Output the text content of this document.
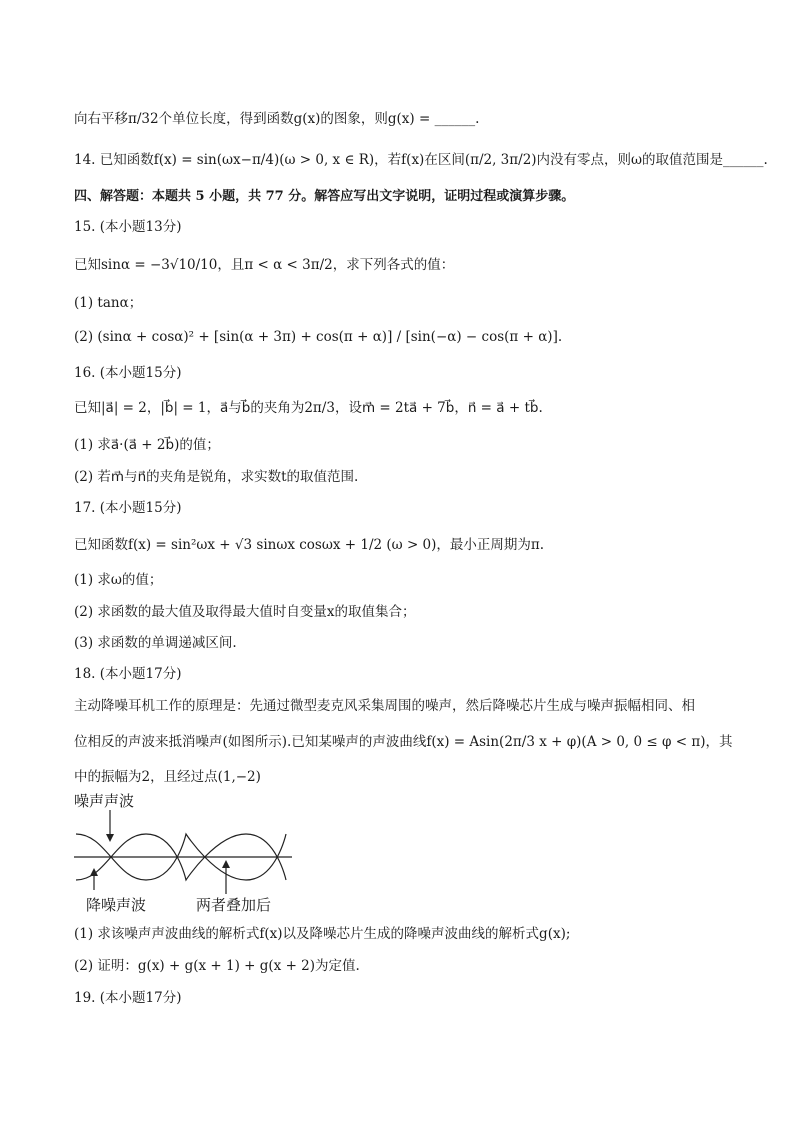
向右平移π/32个单位长度，得到函数g(x)的图象，则g(x) = ______.
14. 已知函数f(x) = sin(ωx−π/4)(ω > 0, x ∈ R)，若f(x)在区间(π/2, 3π/2)内没有零点，则ω的取值范围是______.
四、解答题：本题共 5 小题，共 77 分。解答应写出文字说明，证明过程或演算步骤。
15. (本小题13分)
已知sinα = −3√10/10，且π < α < 3π/2，求下列各式的值：
(1) tanα；
(2) (sinα + cosα)² + [sin(α + 3π) + cos(π + α)] / [sin(−α) − cos(π + α)].
16. (本小题15分)
已知|a⃗| = 2，|b⃗| = 1，a⃗与b⃗的夹角为2π/3，设m⃗ = 2ta⃗ + 7b⃗，n⃗ = a⃗ + tb⃗.
(1) 求a⃗·(a⃗ + 2b⃗)的值；
(2) 若m⃗与n⃗的夹角是锐角，求实数t的取值范围.
17. (本小题15分)
已知函数f(x) = sin²ωx + √3 sinωx cosωx + 1/2 (ω > 0)，最小正周期为π.
(1) 求ω的值；
(2) 求函数的最大值及取得最大值时自变量x的取值集合；
(3) 求函数的单调递减区间.
18. (本小题17分)
主动降噪耳机工作的原理是：先通过微型麦克风采集周围的噪声，然后降噪芯片生成与噪声振幅相同、相
位相反的声波来抵消噪声(如图所示).已知某噪声的声波曲线f(x) = Asin(2π/3 x + φ)(A > 0, 0 ≤ φ < π)，其
中的振幅为2，且经过点(1,−2)
噪声声波
降噪声波	两者叠加后
(1) 求该噪声声波曲线的解析式f(x)以及降噪芯片生成的降噪声波曲线的解析式g(x);
(2) 证明：g(x) + g(x + 1) + g(x + 2)为定值.
19. (本小题17分)
